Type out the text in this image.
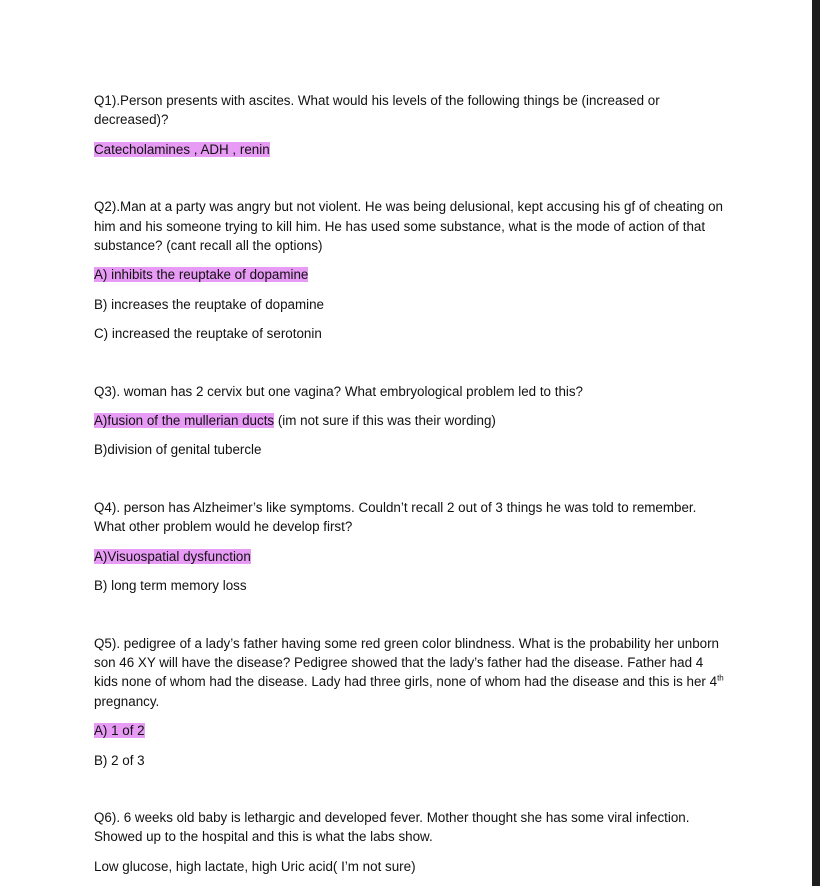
Q1).Person presents with ascites. What would his levels of the following things be (increased or decreased)?

Catecholamines , ADH , renin

Q2).Man at a party was angry but not violent. He was being delusional, kept accusing his gf of cheating on him and his someone trying to kill him. He has used some substance, what is the mode of action of that substance? (cant recall all the options)

A) inhibits the reuptake of dopamine

B) increases the reuptake of dopamine

C) increased the reuptake of serotonin

Q3). woman has 2 cervix but one vagina? What embryological problem led to this?

A)fusion of the mullerian ducts (im not sure if this was their wording)

B)division of genital tubercle

Q4). person has Alzheimer’s like symptoms. Couldn’t recall 2 out of 3 things he was told to remember. What other problem would he develop first?

A)Visuospatial dysfunction

B) long term memory loss

Q5). pedigree of a lady’s father having some red green color blindness. What is the probability her unborn son 46 XY will have the disease? Pedigree showed that the lady’s father had the disease. Father had 4 kids none of whom had the disease. Lady had three girls, none of whom had the disease and this is her 4th pregnancy.

A) 1 of 2

B) 2 of 3

Q6). 6 weeks old baby is lethargic and developed fever. Mother thought she has some viral infection. Showed up to the hospital and this is what the labs show.

Low glucose, high lactate, high Uric acid( I’m not sure)
